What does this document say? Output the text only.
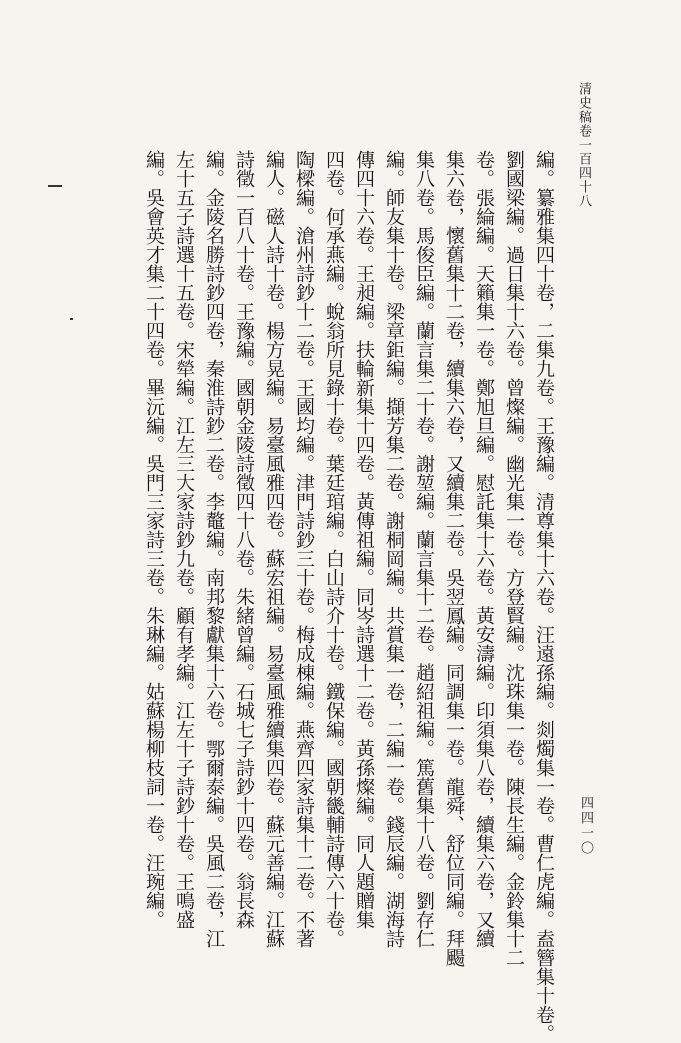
清史稿卷一百四十八
四四一〇
編。纂雅集四十卷，二集九卷。王豫編。清尊集十六卷。汪遠孫編。剡燭集一卷。曹仁虎編。盍簪集十卷。
劉國梁編。過日集十六卷。曾燦編。幽光集一卷。方登賢編。沈珠集一卷。陳長生編。金鈴集十二
卷。張綸編。天籟集一卷。鄭旭旦編。慰託集十六卷。黃安濤編。印須集八卷，續集六卷，又續
集六卷，懷舊集十二卷，續集六卷，又續集二卷。吳翌鳳編。同調集一卷。龍舜、舒位同編。拜颺
集八卷。馬俊臣編。蘭言集二十卷。謝堃編。蘭言集十二卷。趙紹祖編。篤舊集十八卷。劉存仁
編。師友集十卷。梁章鉅編。擷芳集二卷。謝桐岡編。共賞集一卷，二編一卷。錢辰編。湖海詩
傳四十六卷。王昶編。扶輪新集十四卷。黃傳祖編。同岑詩選十二卷。黃孫燦編。同人題贈集
四卷。何承燕編。蛻翁所見錄十卷。葉廷琯編。白山詩介十卷。鐵保編。國朝畿輔詩傳六十卷。
陶樑編。滄州詩鈔十二卷。王國均編。津門詩鈔三十卷。梅成棟編。燕齊四家詩集十二卷。不著
編人。磁人詩十卷。楊方晃編。易臺風雅四卷。蘇宏祖編。易臺風雅續集四卷。蘇元善編。江蘇
詩徵一百八十卷。王豫編。國朝金陵詩徵四十八卷。朱緒曾編。石城七子詩鈔十四卷。翁長森
編。金陵名勝詩鈔四卷，秦淮詩鈔二卷。李鼇編。南邦黎獻集十六卷。鄂爾泰編。吳風二卷，江
左十五子詩選十五卷。宋犖編。江左三大家詩鈔九卷。顧有孝編。江左十子詩鈔十卷。王鳴盛
編。吳會英才集二十四卷。畢沅編。吳門三家詩三卷。朱琳編。姑蘇楊柳枝詞一卷。汪琬編。
